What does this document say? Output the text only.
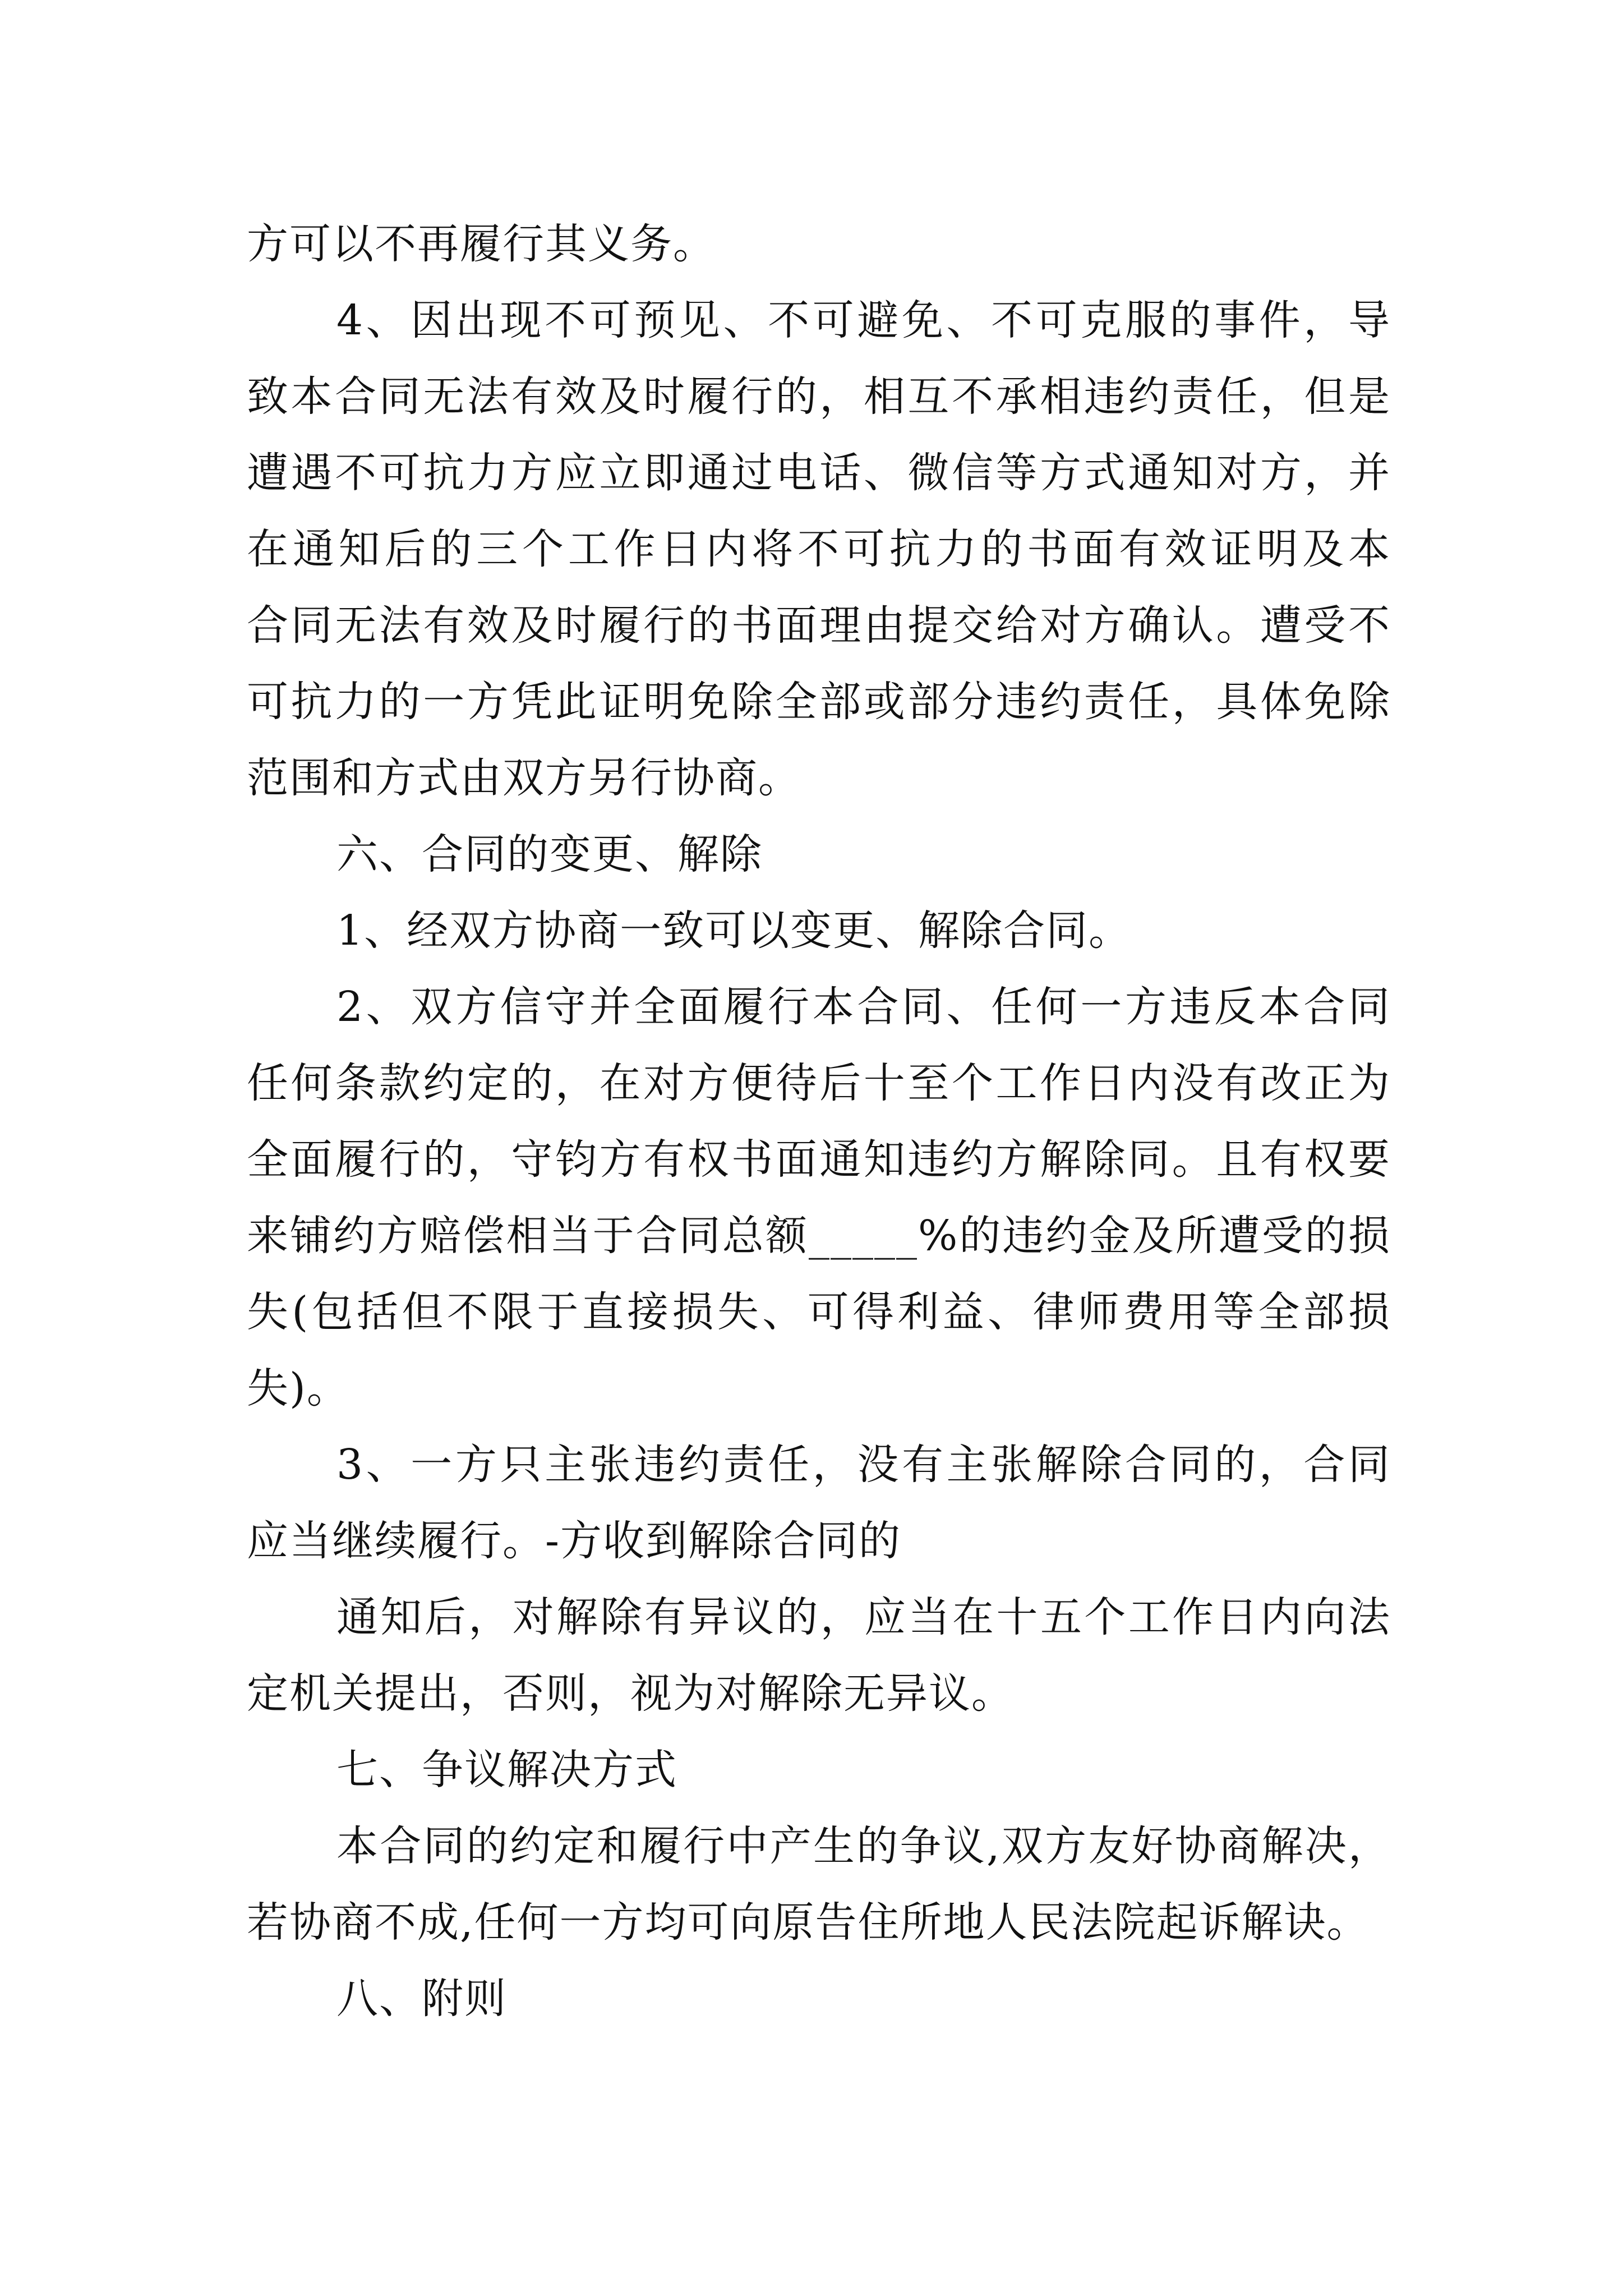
方可以不再履行其义务。
4、因出现不可预见、不可避免、不可克服的事件，导
致本合同无法有效及时履行的，相互不承相违约责任，但是
遭遇不可抗力方应立即通过电话、微信等方式通知对方，并
在通知后的三个工作日内将不可抗力的书面有效证明及本
合同无法有效及时履行的书面理由提交给对方确认。遭受不
可抗力的一方凭此证明免除全部或部分违约责任，具体免除
范围和方式由双方另行协商。
六、合同的变更、解除
1、经双方协商一致可以变更、解除合同。
2、双方信守并全面履行本合同、任何一方违反本合同
任何条款约定的，在对方便待后十至个工作日内没有改正为
全面履行的，守钧方有权书面通知违约方解除同。且有权要
来铺约方赔偿相当于合同总额_____%的违约金及所遭受的损
失(包括但不限于直接损失、可得利益、律师费用等全部损
失)。
3、一方只主张违约责任，没有主张解除合同的，合同
应当继续履行。-方收到解除合同的
通知后，对解除有异议的，应当在十五个工作日内向法
定机关提出，否则，视为对解除无异议。
七、争议解决方式
本合同的约定和履行中产生的争议,双方友好协商解决，
若协商不成,任何一方均可向原告住所地人民法院起诉解诀。
八、附则
